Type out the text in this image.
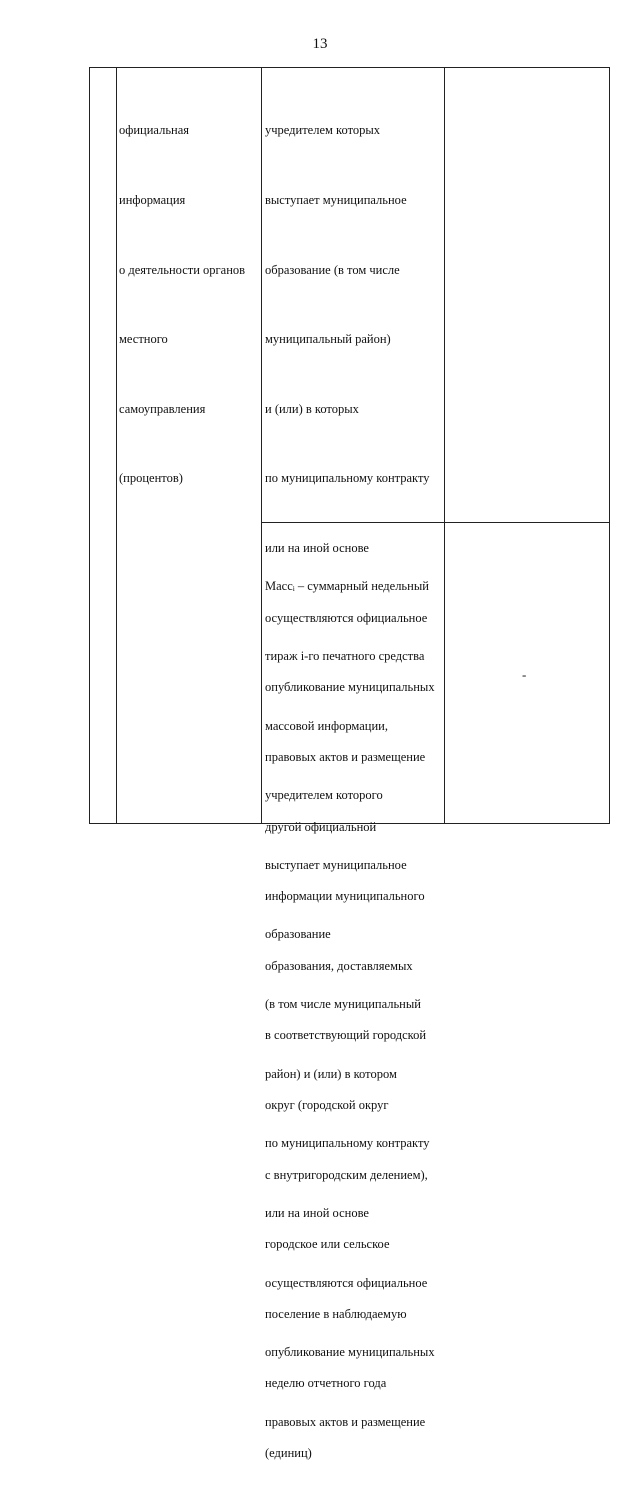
13

официальная

информация

о деятельности органов

местного

самоуправления

(процентов)

учредителем которых

выступает муниципальное

образование (в том числе

муниципальный район)

и (или) в которых

по муниципальному контракту

или на иной основе

осуществляются официальное

опубликование муниципальных

правовых актов и размещение

другой официальной

информации муниципального

образования, доставляемых

в соответствующий городской

округ (городской округ

с внутригородским делением),

городское или сельское

поселение в наблюдаемую

неделю отчетного года

(единиц)

Массᵢ – суммарный недельный

тираж i-го печатного средства

массовой информации,

учредителем которого

выступает муниципальное

образование

(в том числе муниципальный

район) и (или) в котором

по муниципальному контракту

или на иной основе

осуществляются официальное

опубликование муниципальных

правовых актов и размещение

-
